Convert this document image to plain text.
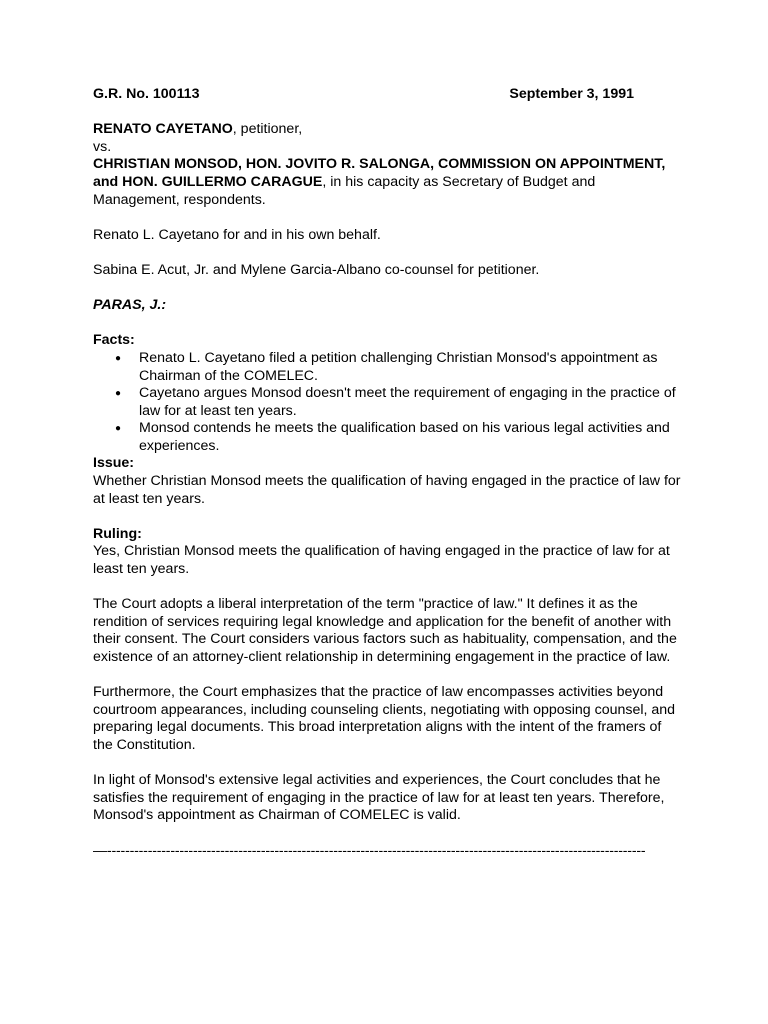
G.R. No. 100113	September 3, 1991
RENATO CAYETANO, petitioner,
vs.
CHRISTIAN MONSOD, HON. JOVITO R. SALONGA, COMMISSION ON APPOINTMENT, and HON. GUILLERMO CARAGUE, in his capacity as Secretary of Budget and Management, respondents.
Renato L. Cayetano for and in his own behalf.
Sabina E. Acut, Jr. and Mylene Garcia-Albano co-counsel for petitioner.
PARAS, J.:
Facts:
● Renato L. Cayetano filed a petition challenging Christian Monsod's appointment as Chairman of the COMELEC.
● Cayetano argues Monsod doesn't meet the requirement of engaging in the practice of law for at least ten years.
● Monsod contends he meets the qualification based on his various legal activities and experiences.
Issue:
Whether Christian Monsod meets the qualification of having engaged in the practice of law for at least ten years.
Ruling:
Yes, Christian Monsod meets the qualification of having engaged in the practice of law for at least ten years.
The Court adopts a liberal interpretation of the term "practice of law." It defines it as the rendition of services requiring legal knowledge and application for the benefit of another with their consent. The Court considers various factors such as habituality, compensation, and the existence of an attorney-client relationship in determining engagement in the practice of law.
Furthermore, the Court emphasizes that the practice of law encompasses activities beyond courtroom appearances, including counseling clients, negotiating with opposing counsel, and preparing legal documents. This broad interpretation aligns with the intent of the framers of the Constitution.
In light of Monsod's extensive legal activities and experiences, the Court concludes that he satisfies the requirement of engaging in the practice of law for at least ten years. Therefore, Monsod's appointment as Chairman of COMELEC is valid.
—-----------------------------------------------------------------------------------------------------------------------
